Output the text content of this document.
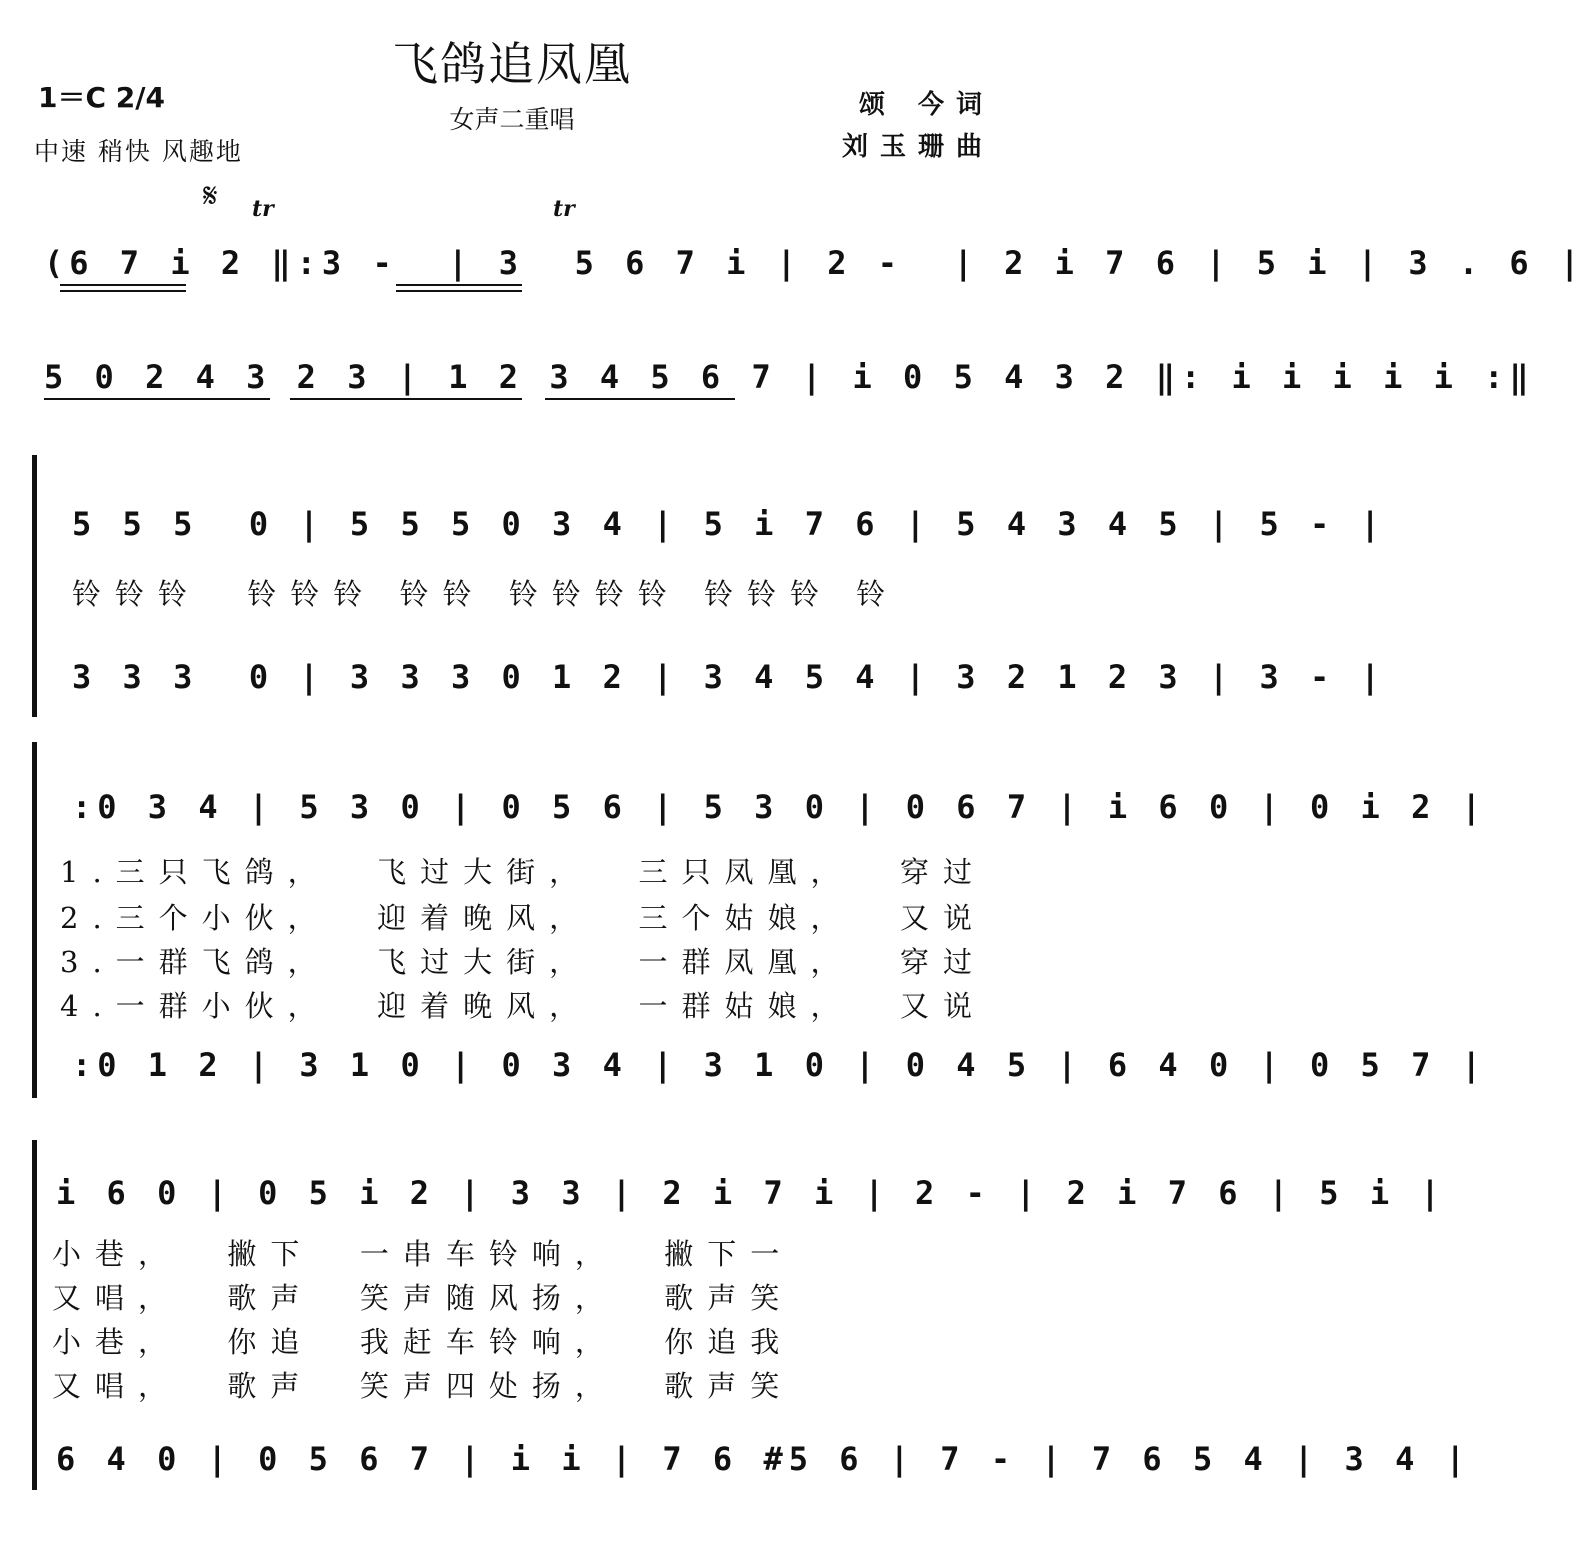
飞鸽追凤凰
女声二重唱
1＝C 2/4
中速 稍快 风趣地
颂 今词
刘玉珊曲
𝄋 tr	tr
(6 7 i 2 ‖:3 -  | 3  5 6 7 i | 2 -  | 2 i 7 6 | 5 i | 3 . 6 |
5 0 2 4 3 2 3 | 1 2 3 4 5 6 7 | i 0 5 4 3 2 ‖: i i i i i :‖
5 5 5  0 | 5 5 5 0 3 4 | 5 i 7 6 | 5 4 3 4 5 | 5 - |
铃铃铃  铃铃铃 铃铃 铃铃铃铃 铃铃铃 铃
3 3 3  0 | 3 3 3 0 1 2 | 3 4 5 4 | 3 2 1 2 3 | 3 - |
:0 3 4 | 5 3 0 | 0 5 6 | 5 3 0 | 0 6 7 | i 6 0 | 0 i 2 |
1.三只飞鸽，  飞过大街，  三只凤凰，  穿过
2.三个小伙，  迎着晚风，  三个姑娘，  又说
3.一群飞鸽，  飞过大街，  一群凤凰，  穿过
4.一群小伙，  迎着晚风，  一群姑娘，  又说
:0 1 2 | 3 1 0 | 0 3 4 | 3 1 0 | 0 4 5 | 6 4 0 | 0 5 7 |
i 6 0 | 0 5 i 2 | 3 3 | 2 i 7 i | 2 - | 2 i 7 6 | 5 i |
小巷，  撇下  一串车铃响，  撇下一
又唱，  歌声  笑声随风扬，  歌声笑
小巷，  你追  我赶车铃响，  你追我
又唱，  歌声  笑声四处扬，  歌声笑
6 4 0 | 0 5 6 7 | i i | 7 6 #5 6 | 7 - | 7 6 5 4 | 3 4 |
